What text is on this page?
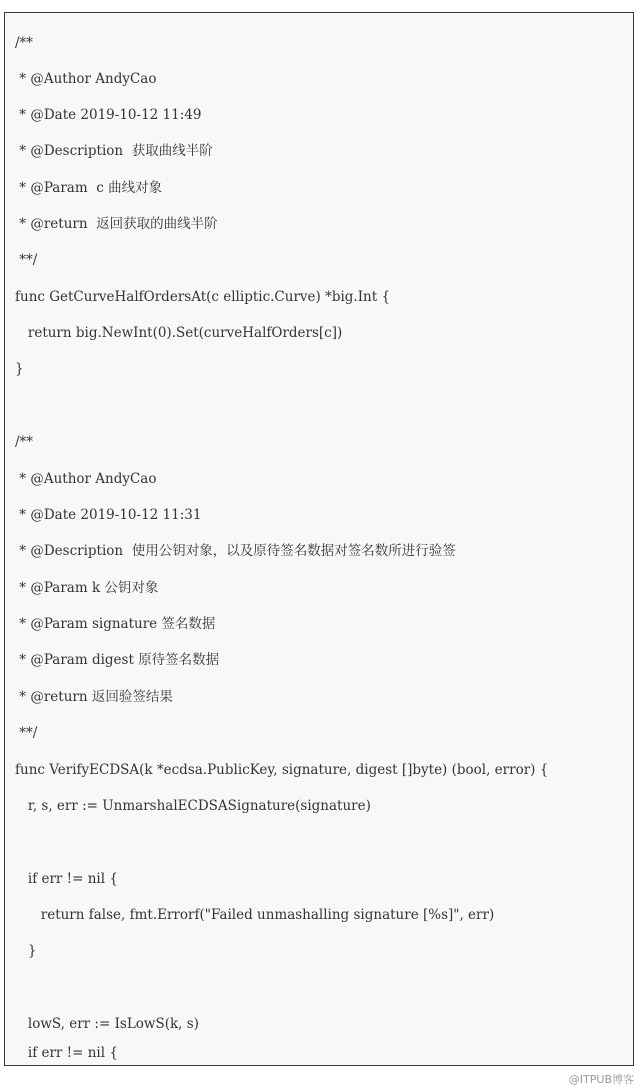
/**
* @Author AndyCao
* @Date 2019-10-12 11:49
* @Description  获取曲线半阶
* @Param  c 曲线对象
* @return  返回获取的曲线半阶
**/
func GetCurveHalfOrdersAt(c elliptic.Curve) *big.Int {
return big.NewInt(0).Set(curveHalfOrders[c])
}
/**
* @Author AndyCao
* @Date 2019-10-12 11:31
* @Description  使用公钥对象，以及原待签名数据对签名数所进行验签
* @Param k 公钥对象
* @Param signature 签名数据
* @Param digest 原待签名数据
* @return 返回验签结果
**/
func VerifyECDSA(k *ecdsa.PublicKey, signature, digest []byte) (bool, error) {
r, s, err := UnmarshalECDSASignature(signature)
if err != nil {
return false, fmt.Errorf("Failed unmashalling signature [%s]", err)
}
lowS, err := IsLowS(k, s)
if err != nil {
@ITPUB博客
